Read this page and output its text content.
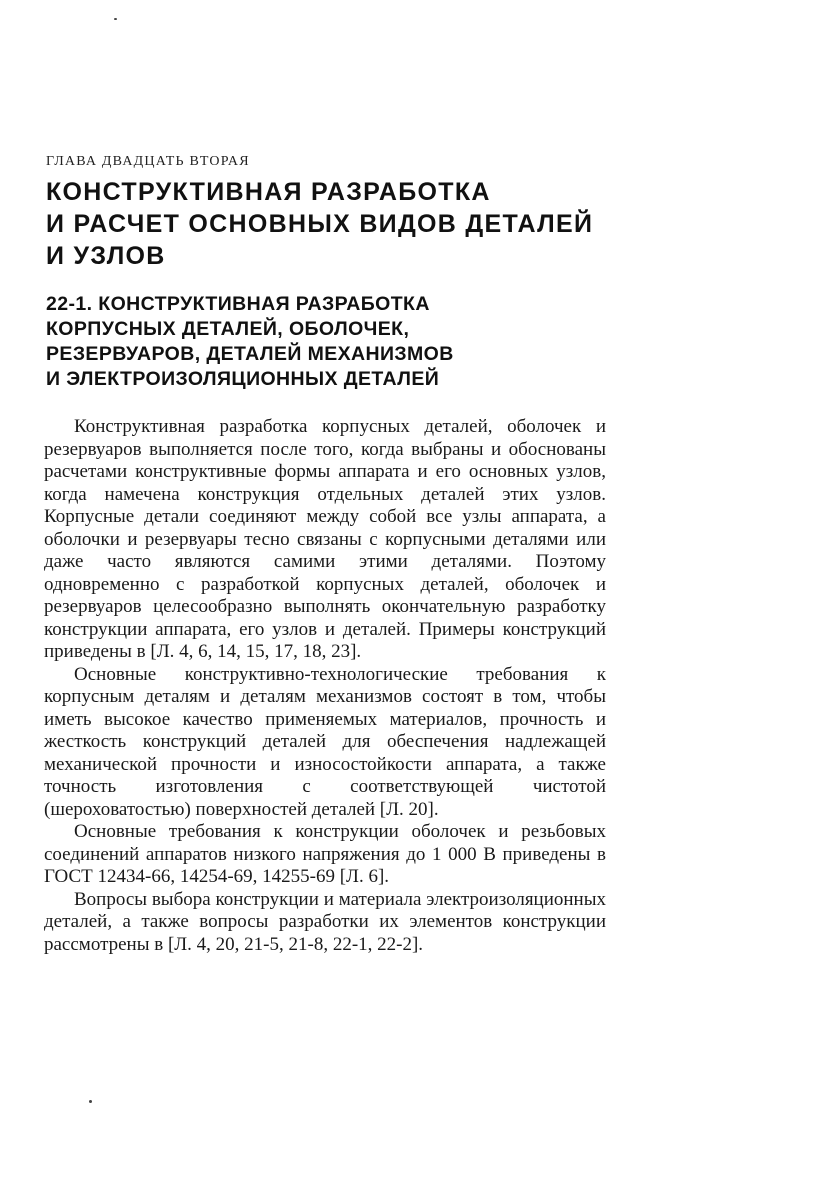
ГЛАВА ДВАДЦАТЬ ВТОРАЯ
КОНСТРУКТИВНАЯ РАЗРАБОТКА
И РАСЧЕТ ОСНОВНЫХ ВИДОВ ДЕТАЛЕЙ
И УЗЛОВ
22-1. КОНСТРУКТИВНАЯ РАЗРАБОТКА
КОРПУСНЫХ ДЕТАЛЕЙ, ОБОЛОЧЕК,
РЕЗЕРВУАРОВ, ДЕТАЛЕЙ МЕХАНИЗМОВ
И ЭЛЕКТРОИЗОЛЯЦИОННЫХ ДЕТАЛЕЙ

Конструктивная разработка корпусных деталей, оболочек и резервуаров выполняется после того, когда выбраны и обоснованы расчетами конструктивные формы аппарата и его основных узлов, когда намечена конструкция отдельных деталей этих узлов. Корпусные детали соединяют между собой все узлы аппарата, а оболочки и резервуары тесно связаны с корпусными деталями или даже часто являются самими этими деталями. Поэтому одновременно с разработкой корпусных деталей, оболочек и резервуаров целесообразно выполнять окончательную разработку конструкции аппарата, его узлов и деталей. Примеры конструкций приведены в [Л. 4, 6, 14, 15, 17, 18, 23].

Основные конструктивно-технологические требования к корпусным деталям и деталям механизмов состоят в том, чтобы иметь высокое качество применяемых материалов, прочность и жесткость конструкций деталей для обеспечения надлежащей механической прочности и износостойкости аппарата, а также точность изготовления с соответствующей чистотой (шероховатостью) поверхностей деталей [Л. 20].

Основные требования к конструкции оболочек и резьбовых соединений аппаратов низкого напряжения до 1 000 В приведены в ГОСТ 12434-66, 14254-69, 14255-69 [Л. 6].

Вопросы выбора конструкции и материала электроизоляционных деталей, а также вопросы разработки их элементов конструкции рассмотрены в [Л. 4, 20, 21-5, 21-8, 22-1, 22-2].
